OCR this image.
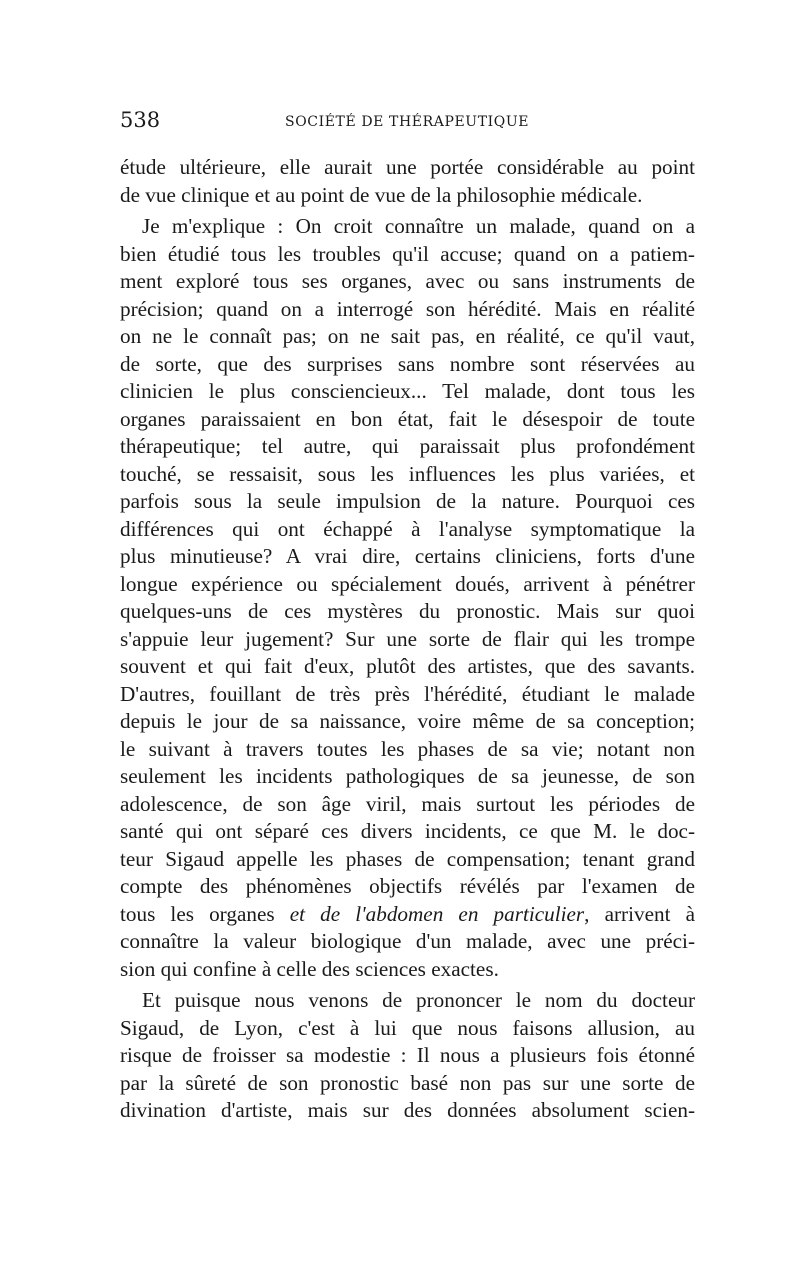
538	SOCIÉTÉ DE THÉRAPEUTIQUE
étude ultérieure, elle aurait une portée considérable au point
de vue clinique et au point de vue de la philosophie médicale.
Je m'explique : On croit connaître un malade, quand on a
bien étudié tous les troubles qu'il accuse; quand on a patiem-
ment exploré tous ses organes, avec ou sans instruments de
précision; quand on a interrogé son hérédité. Mais en réalité
on ne le connaît pas; on ne sait pas, en réalité, ce qu'il vaut,
de sorte, que des surprises sans nombre sont réservées au
clinicien le plus consciencieux... Tel malade, dont tous les
organes paraissaient en bon état, fait le désespoir de toute
thérapeutique; tel autre, qui paraissait plus profondément
touché, se ressaisit, sous les influences les plus variées, et
parfois sous la seule impulsion de la nature. Pourquoi ces
différences qui ont échappé à l'analyse symptomatique la
plus minutieuse? A vrai dire, certains cliniciens, forts d'une
longue expérience ou spécialement doués, arrivent à pénétrer
quelques-uns de ces mystères du pronostic. Mais sur quoi
s'appuie leur jugement? Sur une sorte de flair qui les trompe
souvent et qui fait d'eux, plutôt des artistes, que des savants.
D'autres, fouillant de très près l'hérédité, étudiant le malade
depuis le jour de sa naissance, voire même de sa conception;
le suivant à travers toutes les phases de sa vie; notant non
seulement les incidents pathologiques de sa jeunesse, de son
adolescence, de son âge viril, mais surtout les périodes de
santé qui ont séparé ces divers incidents, ce que M. le doc-
teur Sigaud appelle les phases de compensation; tenant grand
compte des phénomènes objectifs révélés par l'examen de
tous les organes et de l'abdomen en particulier, arrivent à
connaître la valeur biologique d'un malade, avec une préci-
sion qui confine à celle des sciences exactes.
Et puisque nous venons de prononcer le nom du docteur
Sigaud, de Lyon, c'est à lui que nous faisons allusion, au
risque de froisser sa modestie : Il nous a plusieurs fois étonné
par la sûreté de son pronostic basé non pas sur une sorte de
divination d'artiste, mais sur des données absolument scien-
